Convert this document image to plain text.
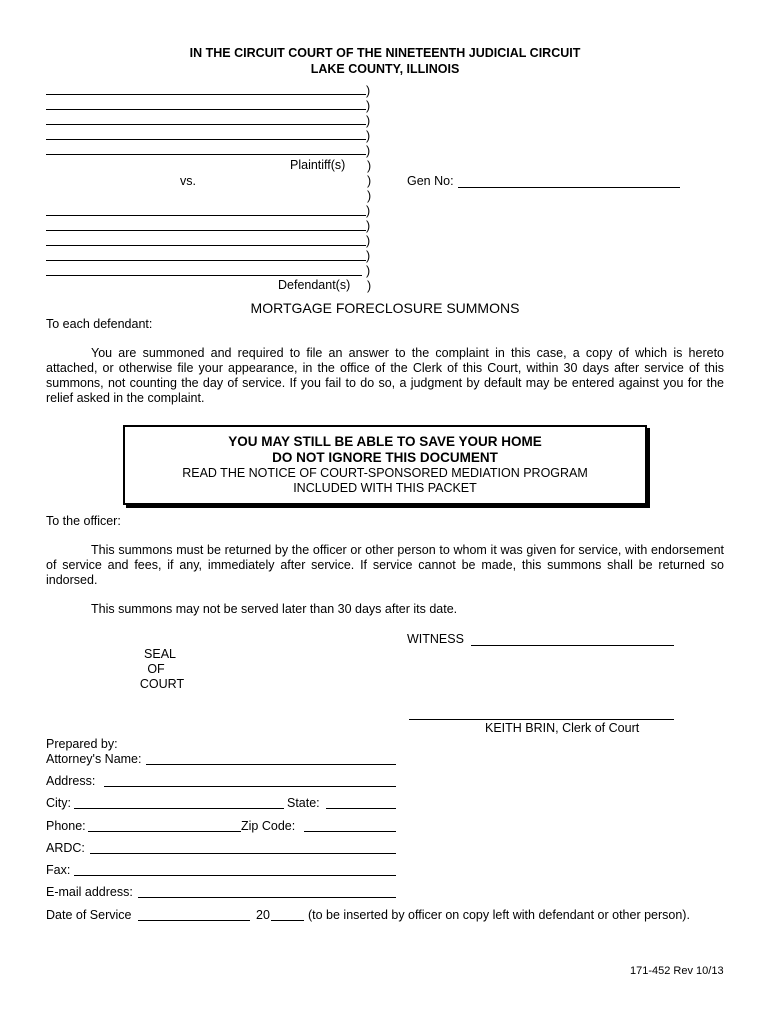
IN THE CIRCUIT COURT OF THE NINETEENTH JUDICIAL CIRCUIT
LAKE COUNTY, ILLINOIS
Plaintiff(s)
vs.
Defendant(s)
)
)
)
)
)
)
)
)
)
)
)
)
)
)
Gen No:
MORTGAGE FORECLOSURE SUMMONS
To each defendant:
You are summoned and required to file an answer to the complaint in this case, a copy of which is hereto attached, or otherwise file your appearance, in the office of the Clerk of this Court, within 30 days after service of this summons, not counting the day of service. If you fail to do so, a judgment by default may be entered against you for the relief asked in the complaint.
YOU MAY STILL BE ABLE TO SAVE YOUR HOME
DO NOT IGNORE THIS DOCUMENT
READ THE NOTICE OF COURT-SPONSORED MEDIATION PROGRAM
INCLUDED WITH THIS PACKET
To the officer:
This summons must be returned by the officer or other person to whom it was given for service, with endorsement of service and fees, if any, immediately after service. If service cannot be made, this summons shall be returned so indorsed.
This summons may not be served later than 30 days after its date.
WITNESS
SEAL
OF
COURT
KEITH BRIN, Clerk of Court
Prepared by:
Attorney's Name:
Address:
City:	State:
Phone:	Zip Code:
ARDC:
Fax:
E-mail address:
Date of Service	20	(to be inserted by officer on copy left with defendant or other person).
171-452 Rev 10/13
